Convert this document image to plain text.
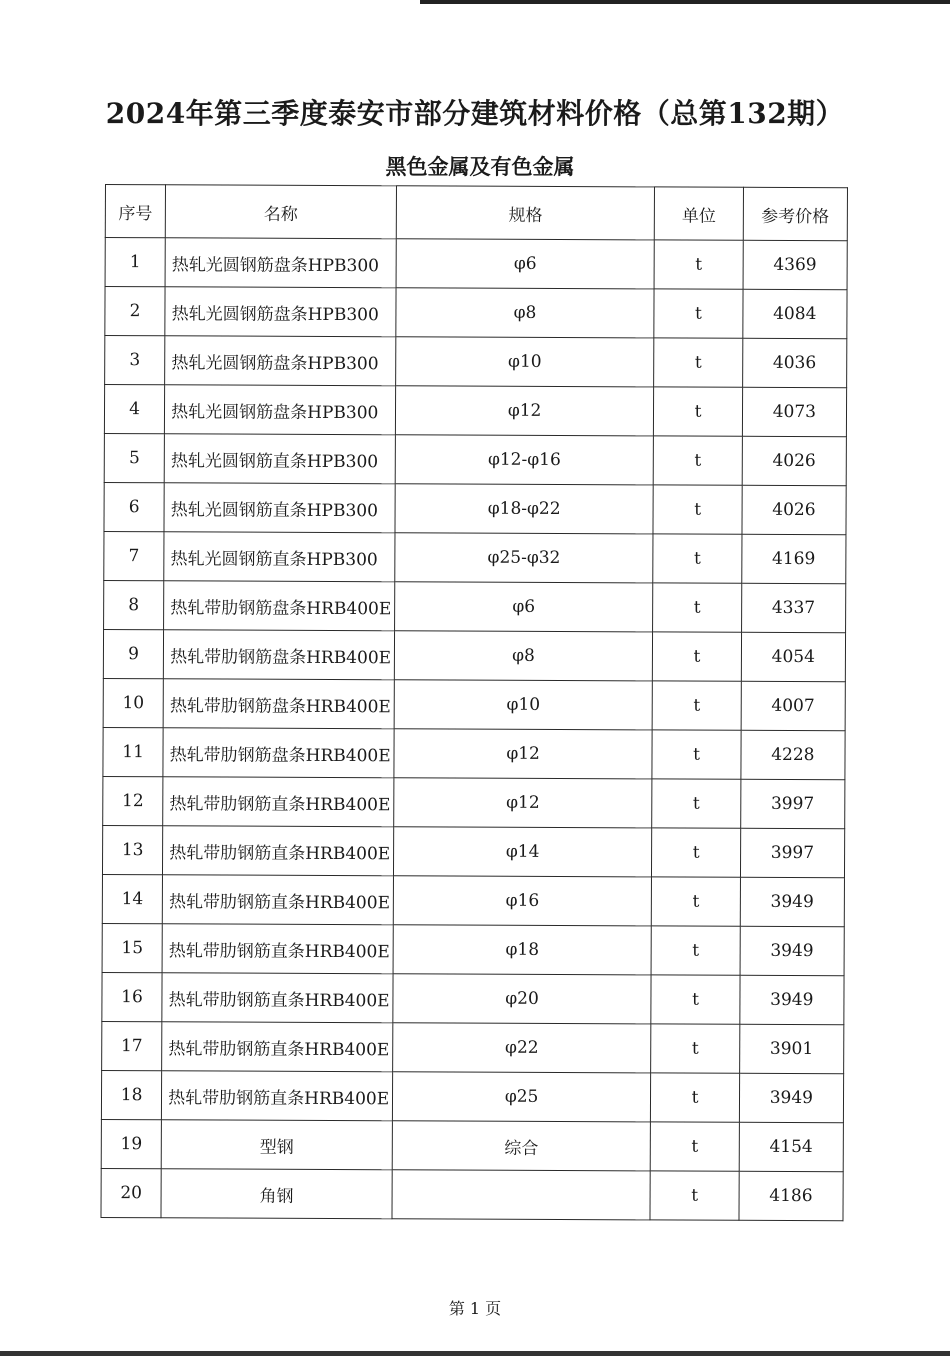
2024年第三季度泰安市部分建筑材料价格（总第132期）
黑色金属及有色金属
序号	名称	规格	单位	参考价格
1	热轧光圆钢筋盘条HPB300	φ6	t	4369
2	热轧光圆钢筋盘条HPB300	φ8	t	4084
3	热轧光圆钢筋盘条HPB300	φ10	t	4036
4	热轧光圆钢筋盘条HPB300	φ12	t	4073
5	热轧光圆钢筋直条HPB300	φ12-φ16	t	4026
6	热轧光圆钢筋直条HPB300	φ18-φ22	t	4026
7	热轧光圆钢筋直条HPB300	φ25-φ32	t	4169
8	热轧带肋钢筋盘条HRB400E	φ6	t	4337
9	热轧带肋钢筋盘条HRB400E	φ8	t	4054
10	热轧带肋钢筋盘条HRB400E	φ10	t	4007
11	热轧带肋钢筋盘条HRB400E	φ12	t	4228
12	热轧带肋钢筋直条HRB400E	φ12	t	3997
13	热轧带肋钢筋直条HRB400E	φ14	t	3997
14	热轧带肋钢筋直条HRB400E	φ16	t	3949
15	热轧带肋钢筋直条HRB400E	φ18	t	3949
16	热轧带肋钢筋直条HRB400E	φ20	t	3949
17	热轧带肋钢筋直条HRB400E	φ22	t	3901
18	热轧带肋钢筋直条HRB400E	φ25	t	3949
19	型钢	综合	t	4154
20	角钢		t	4186
第 1 页
